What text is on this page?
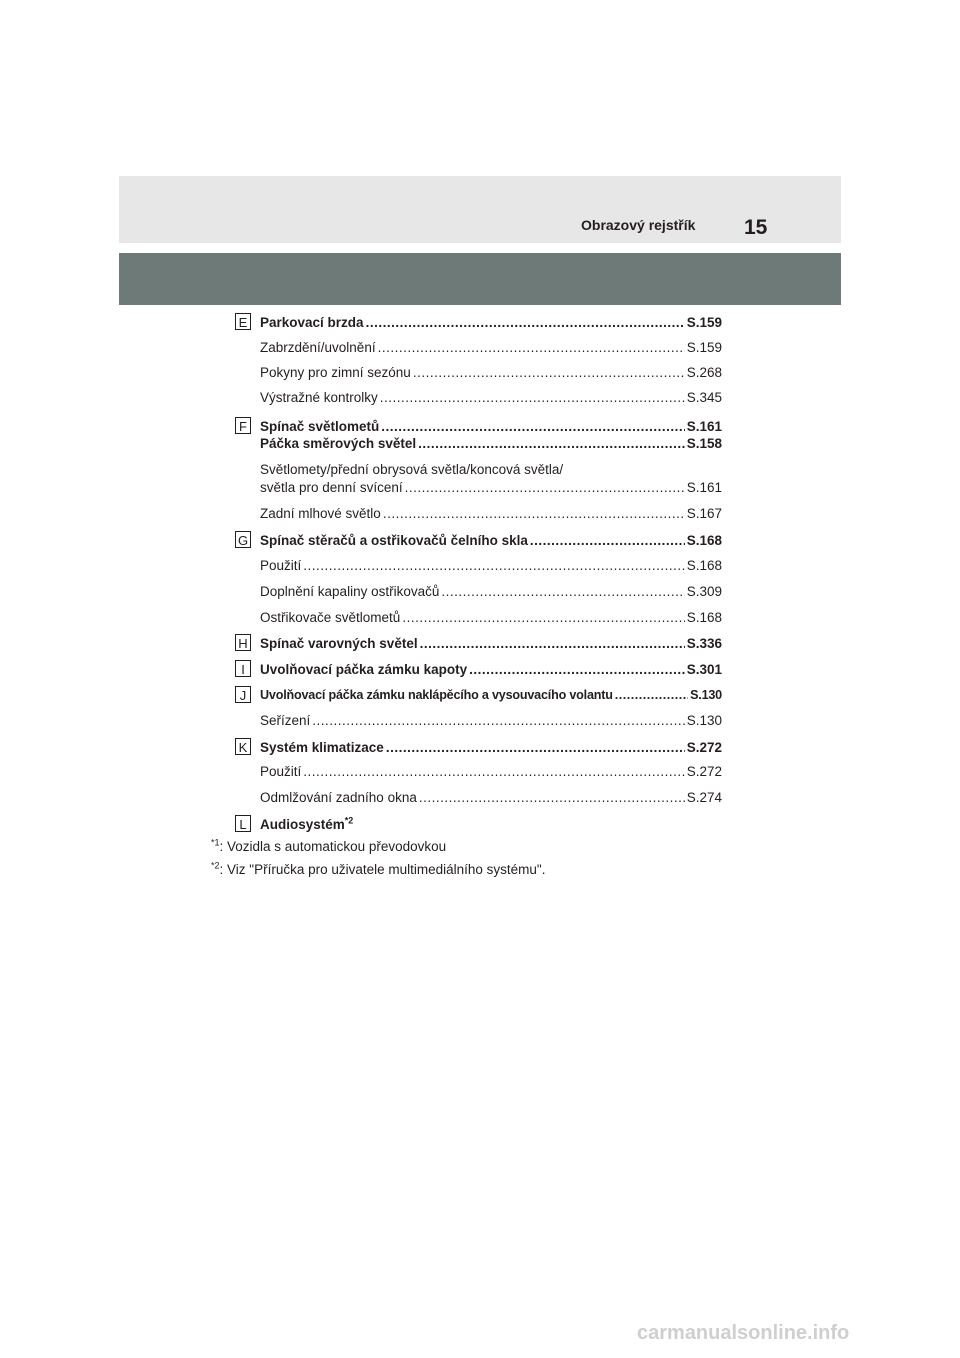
Obrazový rejstřík 15
E Parkovací brzda .....	S.159
Zabrzdění/uvolnění .....	S.159
Pokyny pro zimní sezónu .....	S.268
Výstražné kontrolky .....	S.345
F Spínač světlometů .....	S.161
Páčka směrových světel .....	S.158
Světlomety/přední obrysová světla/koncová světla/
světla pro denní svícení .....	S.161
Zadní mlhové světlo .....	S.167
G Spínač stěračů a ostřikovačů čelního skla .....	S.168
Použití .....	S.168
Doplnění kapaliny ostřikovačů .....	S.309
Ostřikovače světlometů .....	S.168
H Spínač varovných světel .....	S.336
I	Uvolňovací páčka zámku kapoty .....	S.301
J	Uvolňovací páčka zámku naklápěcího a vysouvacího volantu .....	S.130
Seřízení .....	S.130
K Systém klimatizace .....	S.272
Použití .....	S.272
Odmlžování zadního okna .....	S.274
L Audiosystém$^{*2}$
$^{*1}$: Vozidla s automatickou převodovkou
$^{*2}$: Viz "Příručka pro uživatele multimediálního systému".
carmanualsonline.info
